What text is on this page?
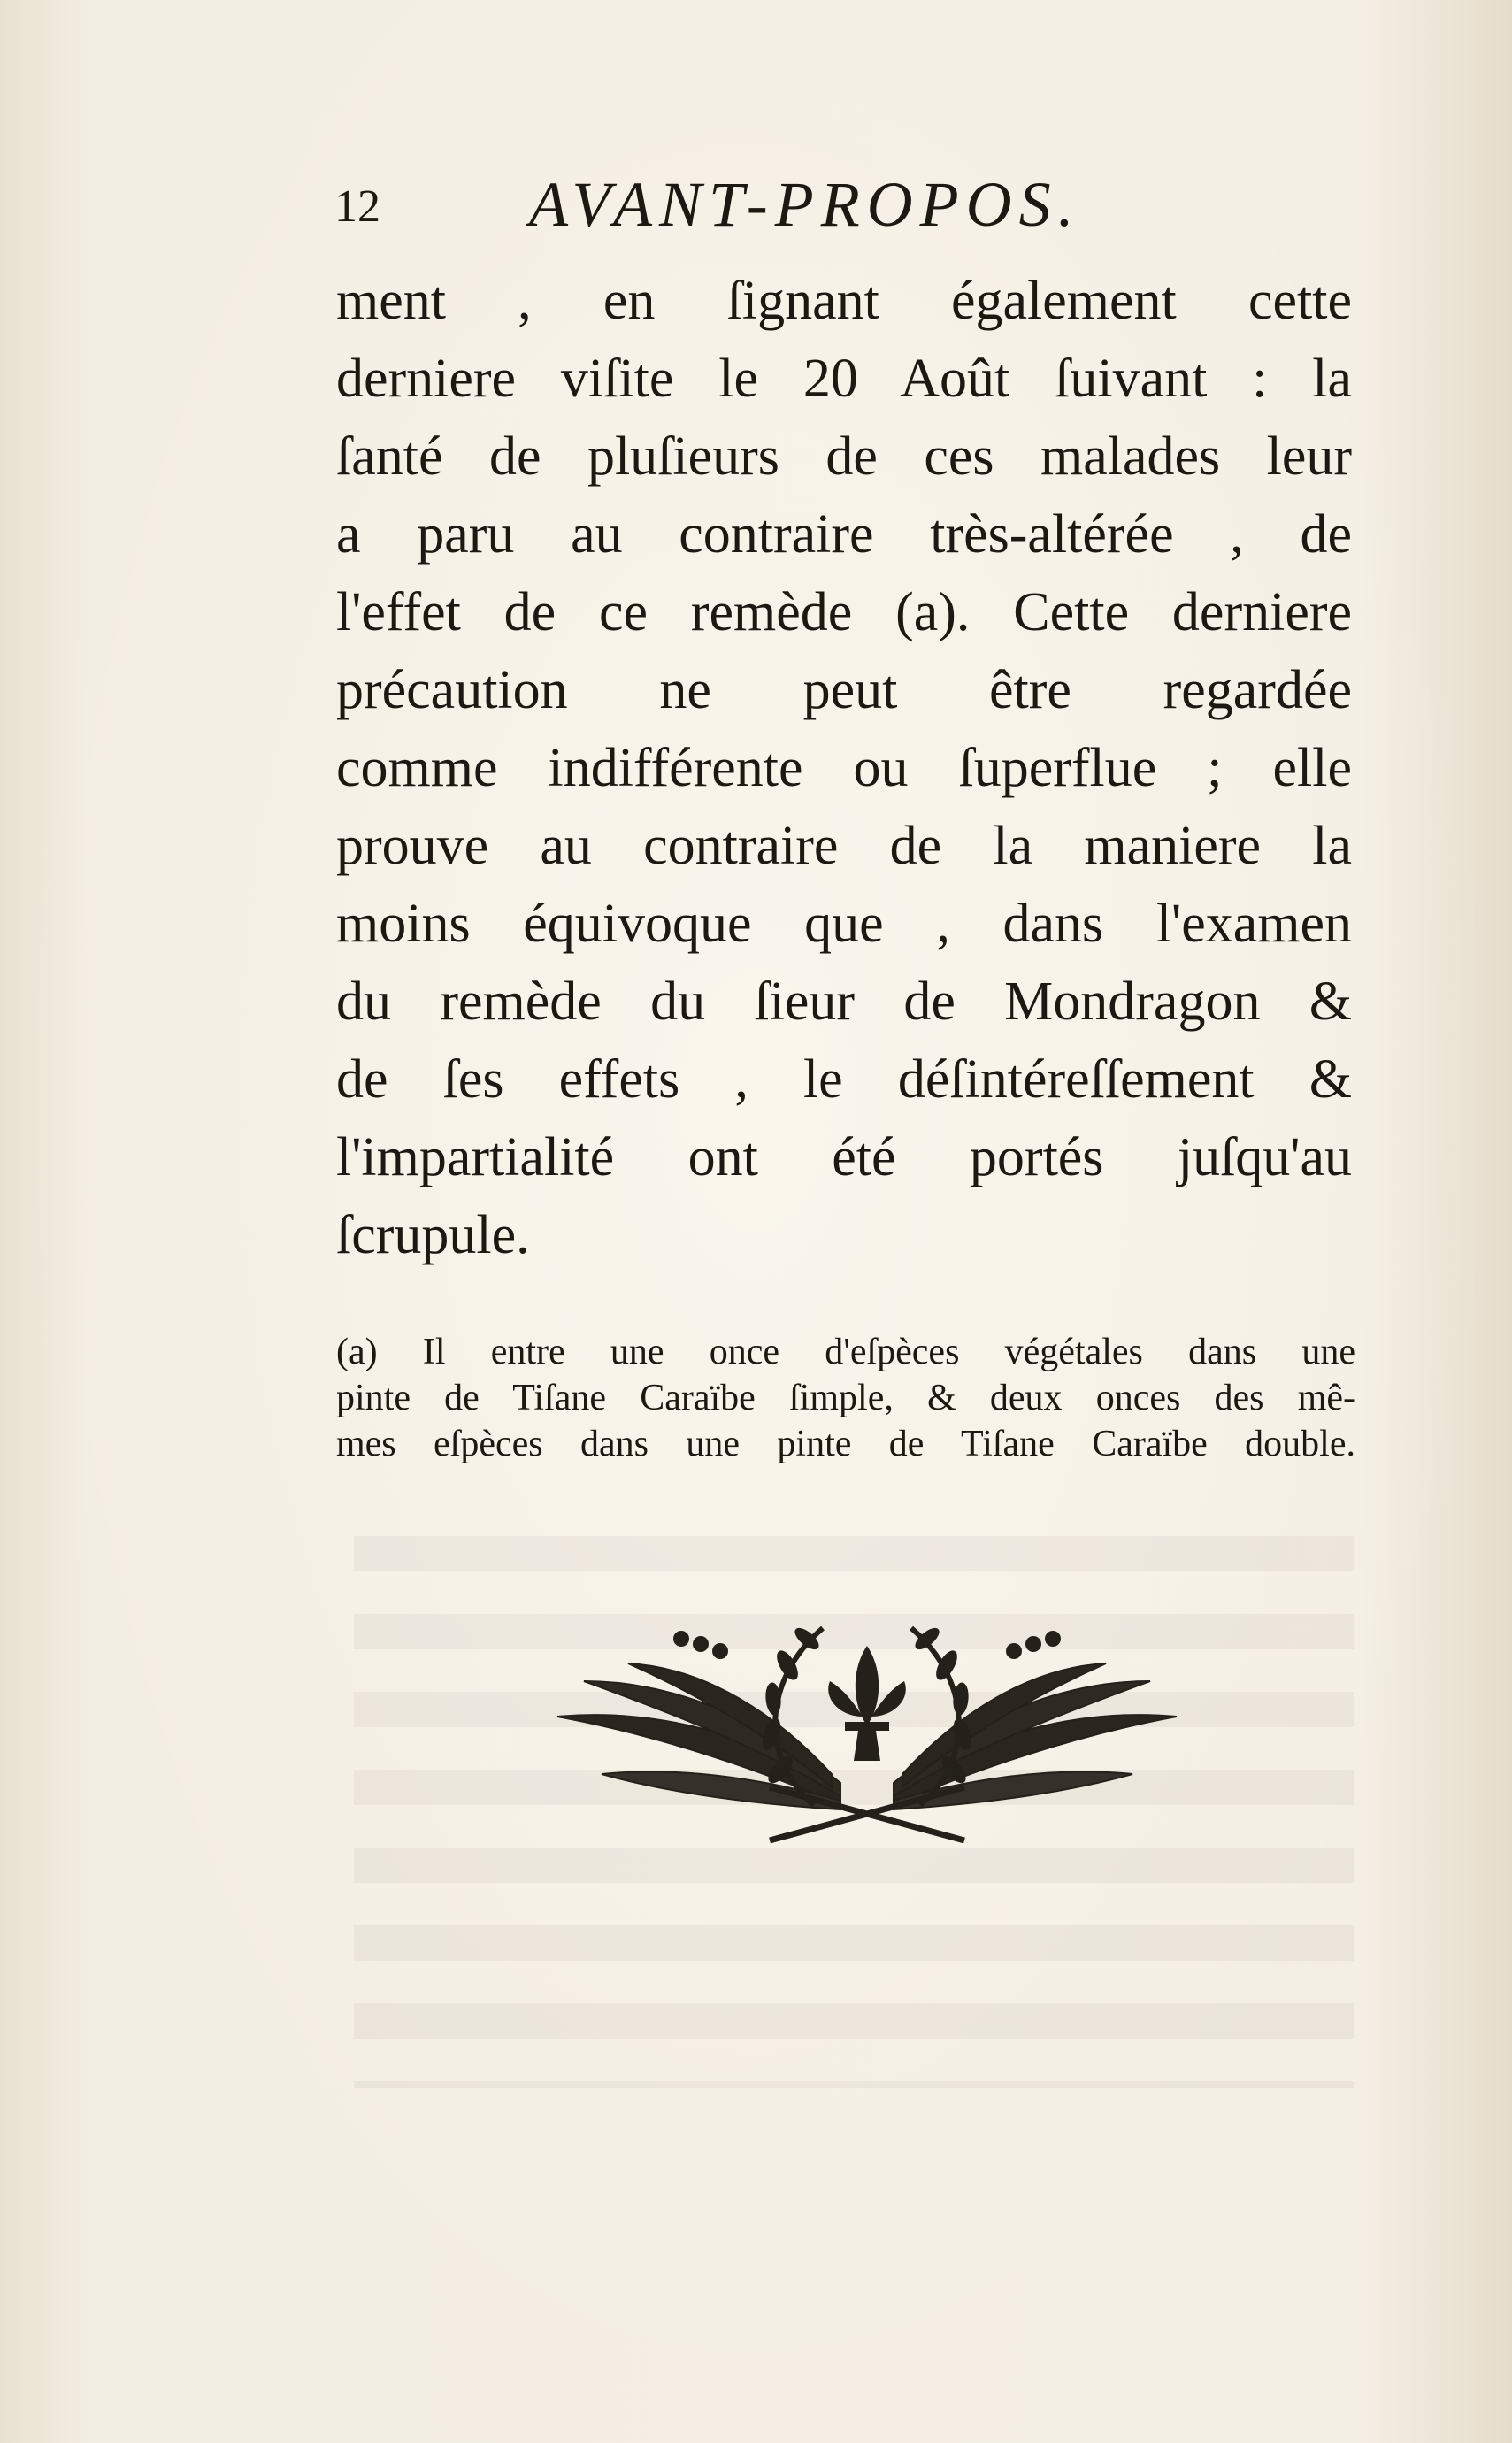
12 AVANT-PROPOS.
ment , en ſignant également cette
derniere viſite le 20 Août ſuivant : la
ſanté de pluſieurs de ces malades leur
a paru au contraire très-altérée , de
l'effet de ce remède (a). Cette derniere
précaution ne peut être regardée
comme indifférente ou ſuperflue ; elle
prouve au contraire de la maniere la
moins équivoque que , dans l'examen
du remède du ſieur de Mondragon &
de ſes effets , le déſintéreſſement &
l'impartialité ont été portés juſqu'au
ſcrupule.
(a) Il entre une once d'eſpèces végétales dans une
pinte de Tiſane Caraïbe ſimple, & deux onces des mê-
mes eſpèces dans une pinte de Tiſane Caraïbe double.
